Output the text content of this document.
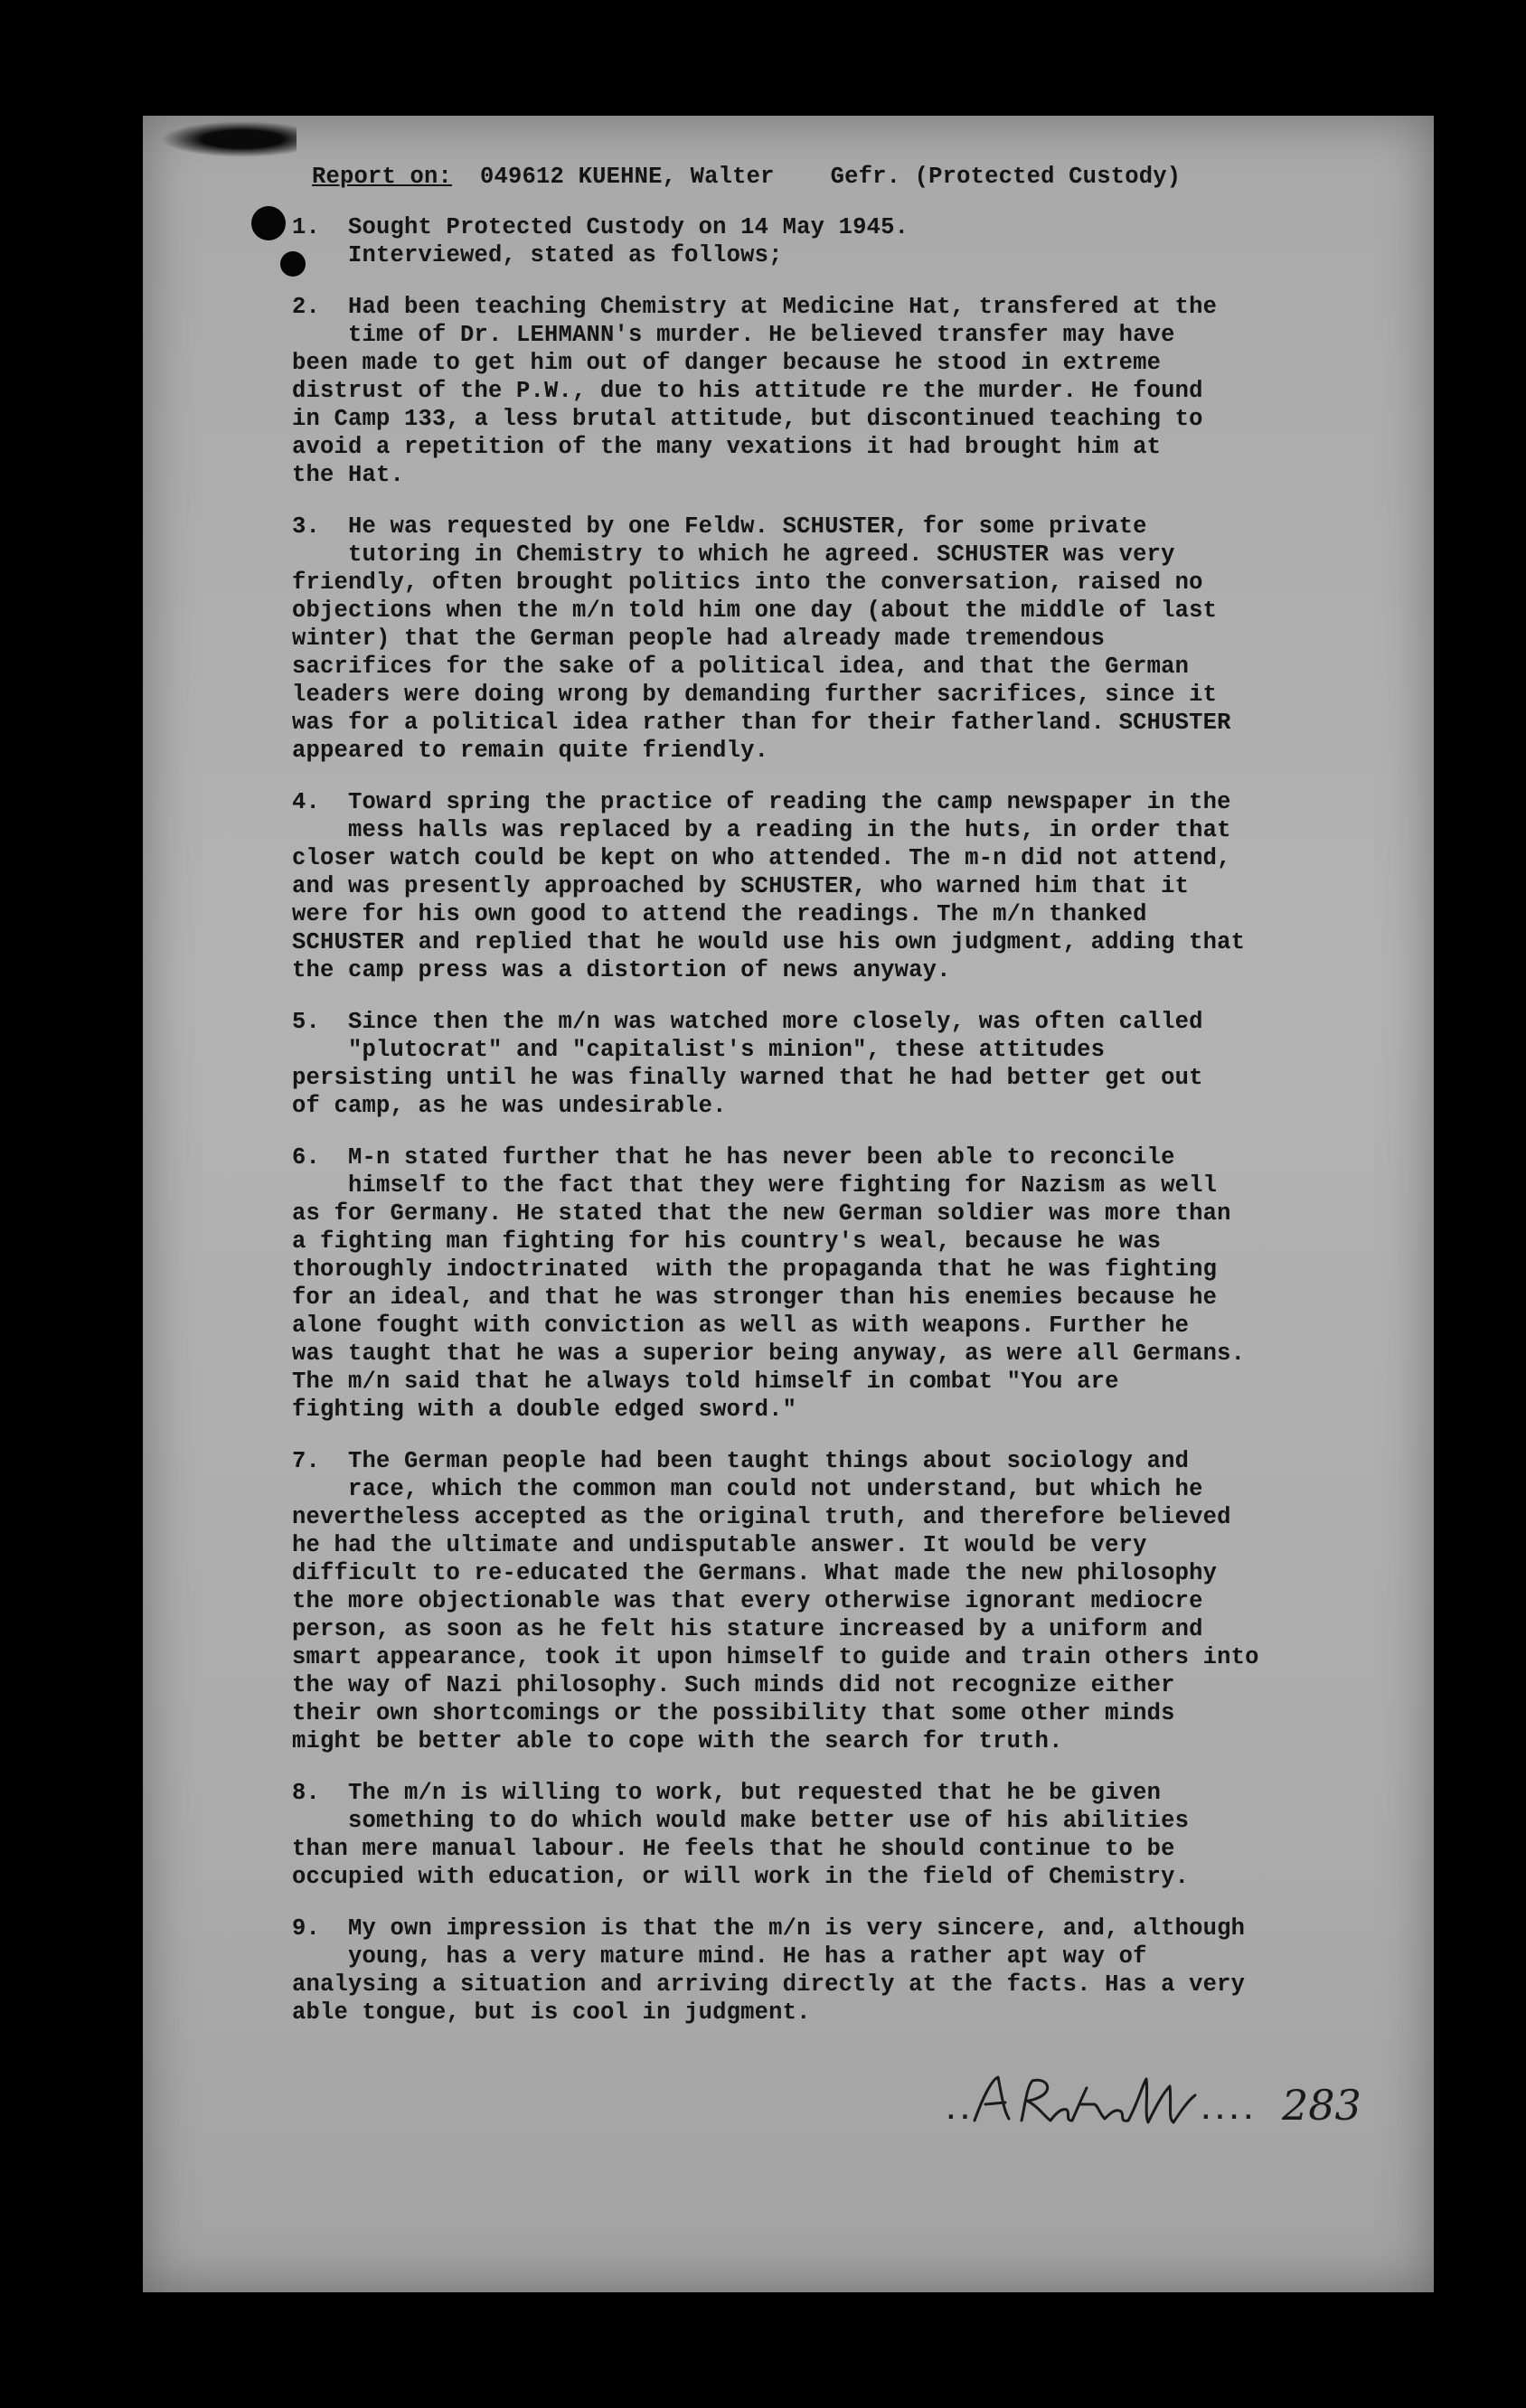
Report on: 049612 KUEHNE, Walter Gefr. (Protected Custody)

1.  Sought Protected Custody on 14 May 1945.

Interviewed, stated as follows;

2.  Had been teaching Chemistry at Medicine Hat, transfered at the

time of Dr. LEHMANN's murder. He believed transfer may have

been made to get him out of danger because he stood in extreme

distrust of the P.W., due to his attitude re the murder. He found

in Camp 133, a less brutal attitude, but discontinued teaching to

avoid a repetition of the many vexations it had brought him at

the Hat.

3.  He was requested by one Feldw. SCHUSTER, for some private

tutoring in Chemistry to which he agreed. SCHUSTER was very

friendly, often brought politics into the conversation, raised no

objections when the m/n told him one day (about the middle of last

winter) that the German people had already made tremendous

sacrifices for the sake of a political idea, and that the German

leaders were doing wrong by demanding further sacrifices, since it

was for a political idea rather than for their fatherland. SCHUSTER

appeared to remain quite friendly.

4.  Toward spring the practice of reading the camp newspaper in the

mess halls was replaced by a reading in the huts, in order that

closer watch could be kept on who attended. The m-n did not attend,

and was presently approached by SCHUSTER, who warned him that it

were for his own good to attend the readings. The m/n thanked

SCHUSTER and replied that he would use his own judgment, adding that

the camp press was a distortion of news anyway.

5.  Since then the m/n was watched more closely, was often called

"plutocrat" and "capitalist's minion", these attitudes

persisting until he was finally warned that he had better get out

of camp, as he was undesirable.

6.  M-n stated further that he has never been able to reconcile

himself to the fact that they were fighting for Nazism as well

as for Germany. He stated that the new German soldier was more than

a fighting man fighting for his country's weal, because he was

thoroughly indoctrinated  with the propaganda that he was fighting

for an ideal, and that he was stronger than his enemies because he

alone fought with conviction as well as with weapons. Further he

was taught that he was a superior being anyway, as were all Germans.

The m/n said that he always told himself in combat "You are

fighting with a double edged sword."

7.  The German people had been taught things about sociology and

race, which the common man could not understand, but which he

nevertheless accepted as the original truth, and therefore believed

he had the ultimate and undisputable answer. It would be very

difficult to re-educated the Germans. What made the new philosophy

the more objectionable was that every otherwise ignorant mediocre

person, as soon as he felt his stature increased by a uniform and

smart appearance, took it upon himself to guide and train others into

the way of Nazi philosophy. Such minds did not recognize either

their own shortcomings or the possibility that some other minds

might be better able to cope with the search for truth.

8.  The m/n is willing to work, but requested that he be given

something to do which would make better use of his abilities

than mere manual labour. He feels that he should continue to be

occupied with education, or will work in the field of Chemistry.

9.  My own impression is that the m/n is very sincere, and, although

young, has a very mature mind. He has a rather apt way of

analysing a situation and arriving directly at the facts. Has a very

able tongue, but is cool in judgment.

..	.... 283
